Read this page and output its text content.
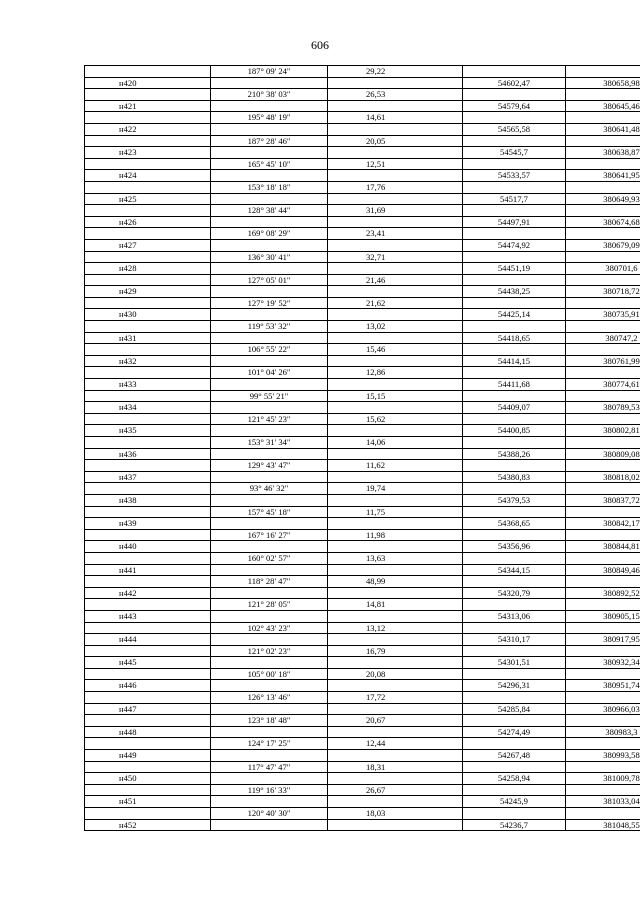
606
	187° 09' 24"	29,22		
н420			54602,47	380658,98
	210° 38' 03"	26,53		
н421			54579,64	380645,46
	195° 48' 19"	14,61		
н422			54565,58	380641,48
	187° 28' 46"	20,05		
н423			54545,7	380638,87
	165° 45' 10"	12,51		
н424			54533,57	380641,95
	153° 18' 18"	17,76		
н425			54517,7	380649,93
	128° 38' 44"	31,69		
н426			54497,91	380674,68
	169° 08' 29"	23,41		
н427			54474,92	380679,09
	136° 30' 41"	32,71		
н428			54451,19	380701,6
	127° 05' 01"	21,46		
н429			54438,25	380718,72
	127° 19' 52"	21,62		
н430			54425,14	380735,91
	119° 53' 32"	13,02		
н431			54418,65	380747,2
	106° 55' 22"	15,46		
н432			54414,15	380761,99
	101° 04' 26"	12,86		
н433			54411,68	380774,61
	99° 55' 21"	15,15		
н434			54409,07	380789,53
	121° 45' 23"	15,62		
н435			54400,85	380802,81
	153° 31' 34"	14,06		
н436			54388,26	380809,08
	129° 43' 47"	11,62		
н437			54380,83	380818,02
	93° 46' 32"	19,74		
н438			54379,53	380837,72
	157° 45' 18"	11,75		
н439			54368,65	380842,17
	167° 16' 27"	11,98		
н440			54356,96	380844,81
	160° 02' 57"	13,63		
н441			54344,15	380849,46
	118° 28' 47"	48,99		
н442			54320,79	380892,52
	121° 28' 05"	14,81		
н443			54313,06	380905,15
	102° 43' 23"	13,12		
н444			54310,17	380917,95
	121° 02' 23"	16,79		
н445			54301,51	380932,34
	105° 00' 18"	20,08		
н446			54296,31	380951,74
	126° 13' 46"	17,72		
н447			54285,84	380966,03
	123° 18' 48"	20,67		
н448			54274,49	380983,3
	124° 17' 25"	12,44		
н449			54267,48	380993,58
	117° 47' 47"	18,31		
н450			54258,94	381009,78
	119° 16' 33"	26,67		
н451			54245,9	381033,04
	120° 40' 30"	18,03		
н452			54236,7	381048,55
